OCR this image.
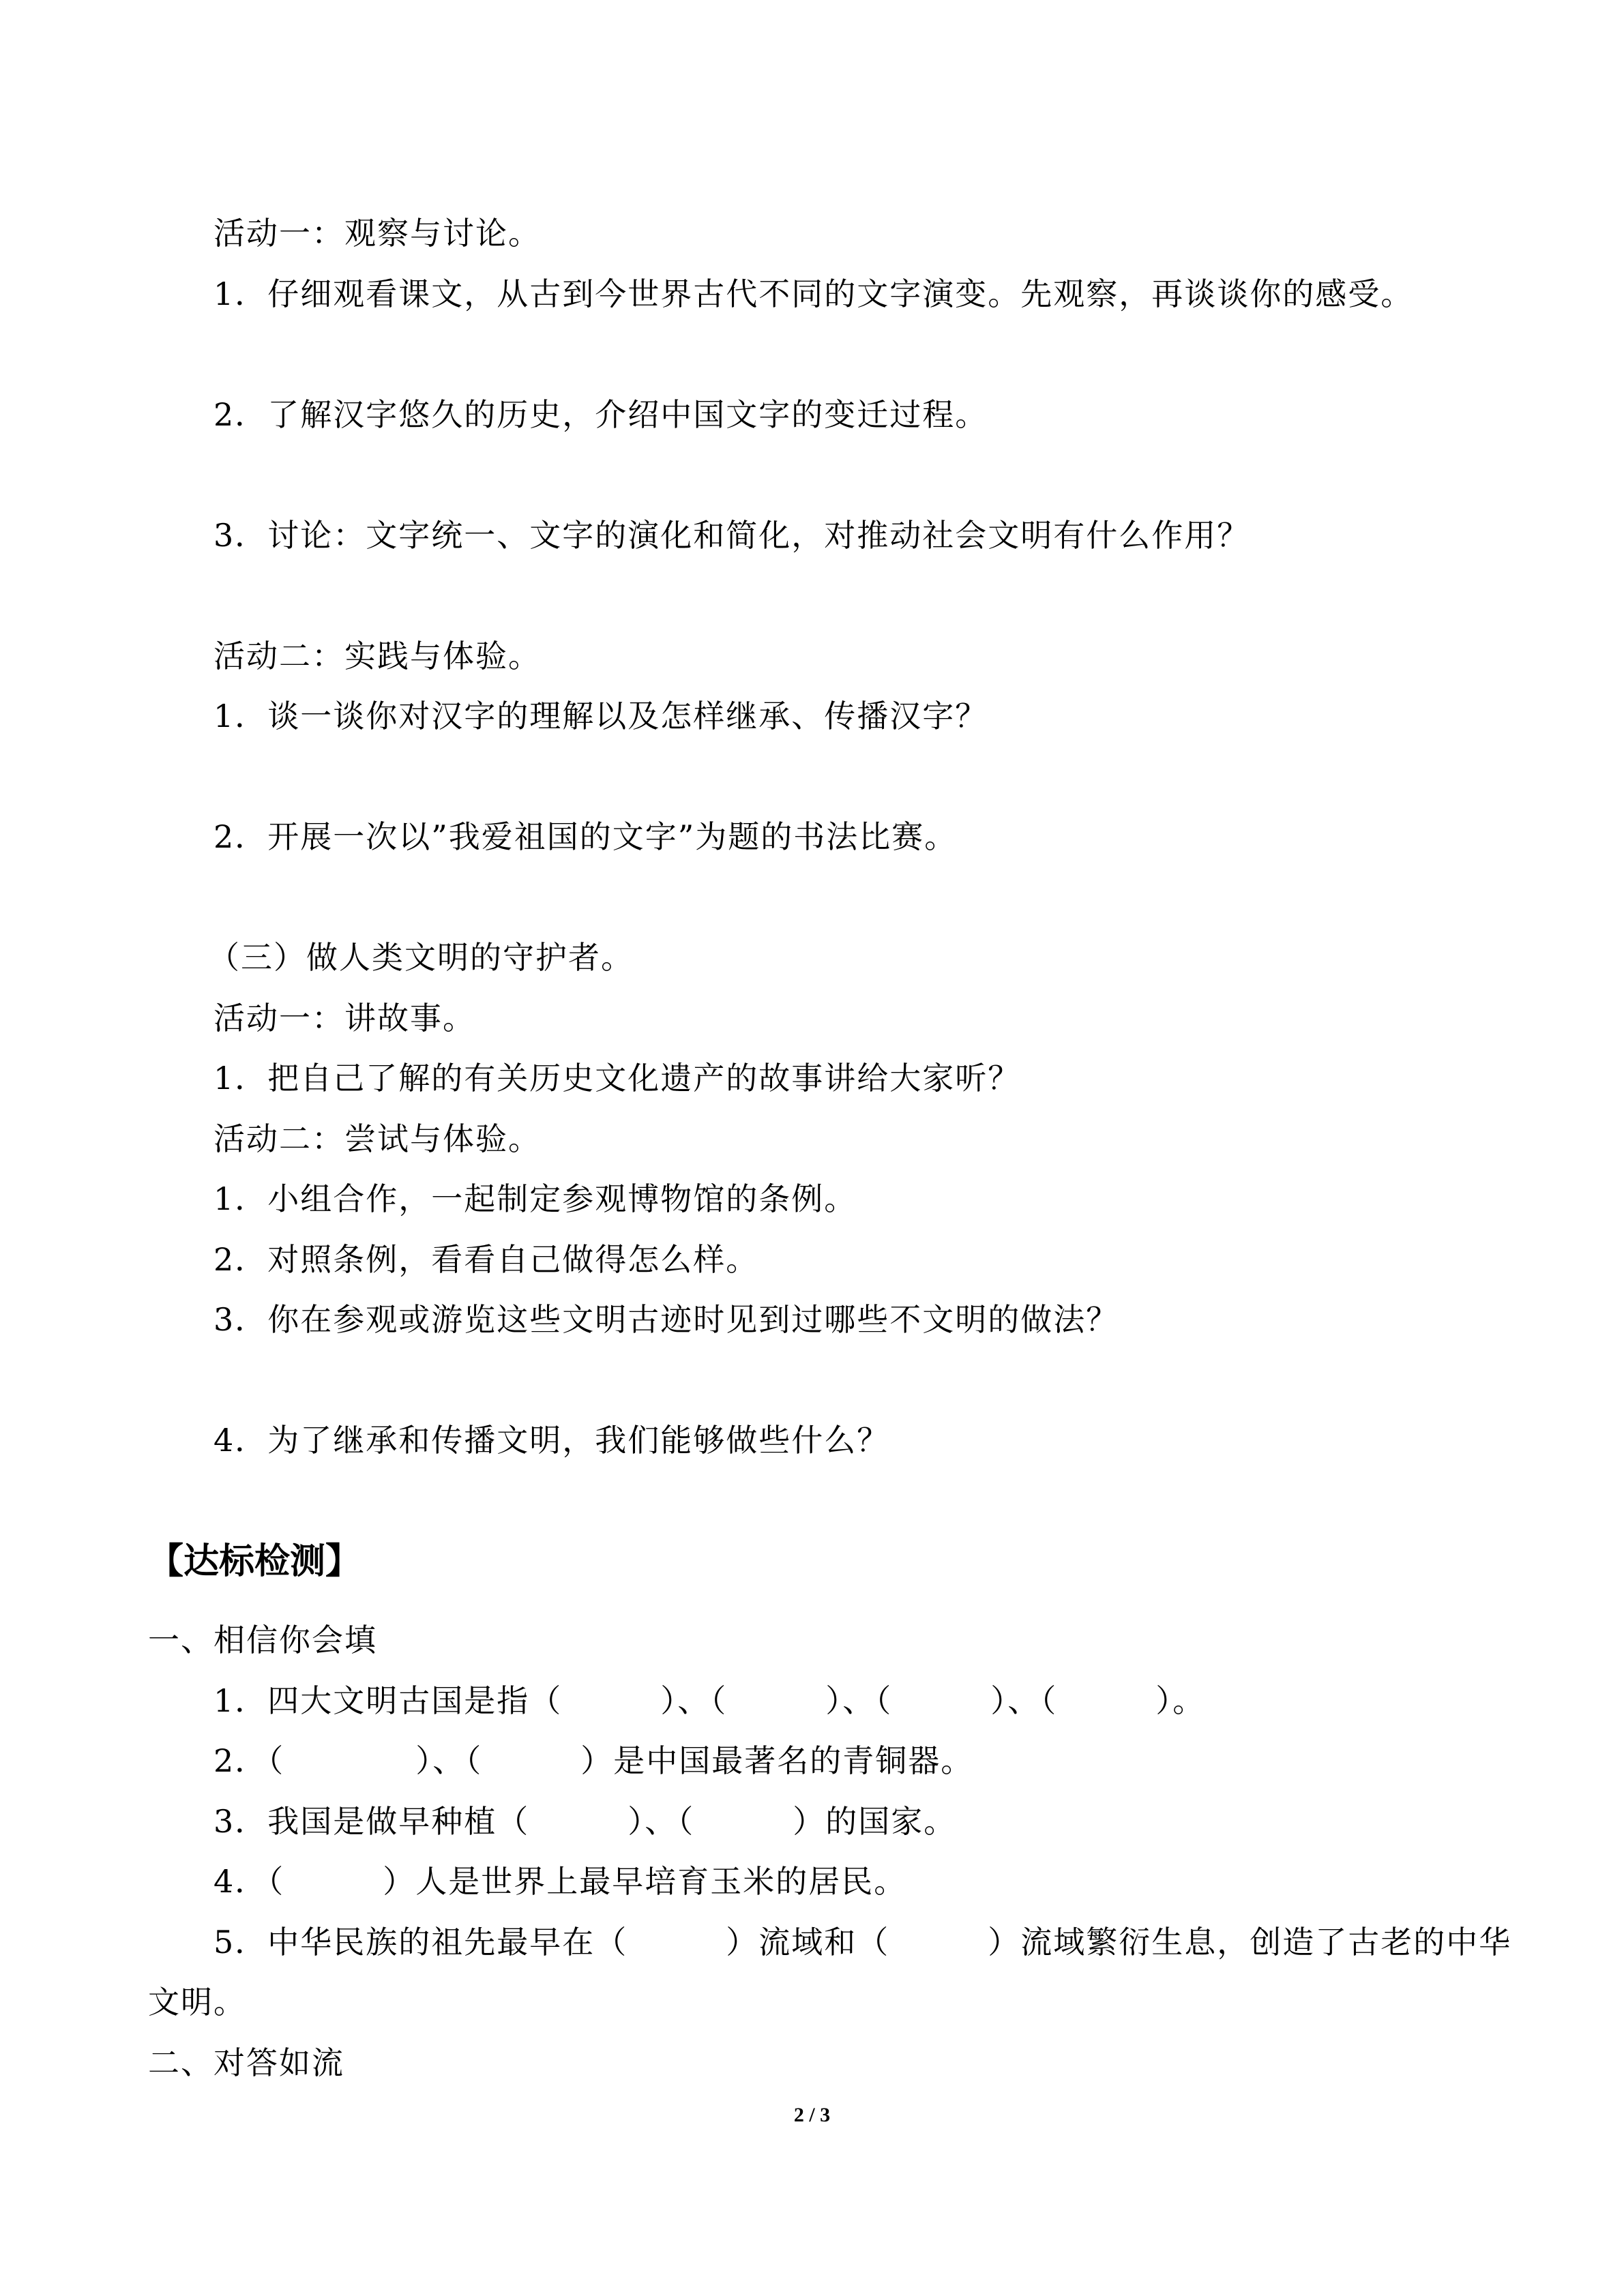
活动一：观察与讨论。
1．仔细观看课文，从古到今世界古代不同的文字演变。先观察，再谈谈你的感受。
2．了解汉字悠久的历史，介绍中国文字的变迁过程。
3．讨论：文字统一、文字的演化和简化，对推动社会文明有什么作用？
活动二：实践与体验。
1．谈一谈你对汉字的理解以及怎样继承、传播汉字？
2．开展一次以”我爱祖国的文字”为题的书法比赛。
（三）做人类文明的守护者。
活动一：讲故事。
1．把自己了解的有关历史文化遗产的故事讲给大家听？
活动二：尝试与体验。
1．小组合作，一起制定参观博物馆的条例。
2．对照条例，看看自己做得怎么样。
3．你在参观或游览这些文明古迹时见到过哪些不文明的做法？
4．为了继承和传播文明，我们能够做些什么？
【达标检测】
一、相信你会填
1．四大文明古国是指（　　　）、（　　　）、（　　　）、（　　　）。
2．（　　　　）、（　　　）是中国最著名的青铜器。
3．我国是做早种植（　　　）、（　　　）的国家。
4．（　　　）人是世界上最早培育玉米的居民。
5．中华民族的祖先最早在（　　　）流域和（　　　）流域繁衍生息，创造了古老的中华
文明。
二、对答如流
2 / 3
